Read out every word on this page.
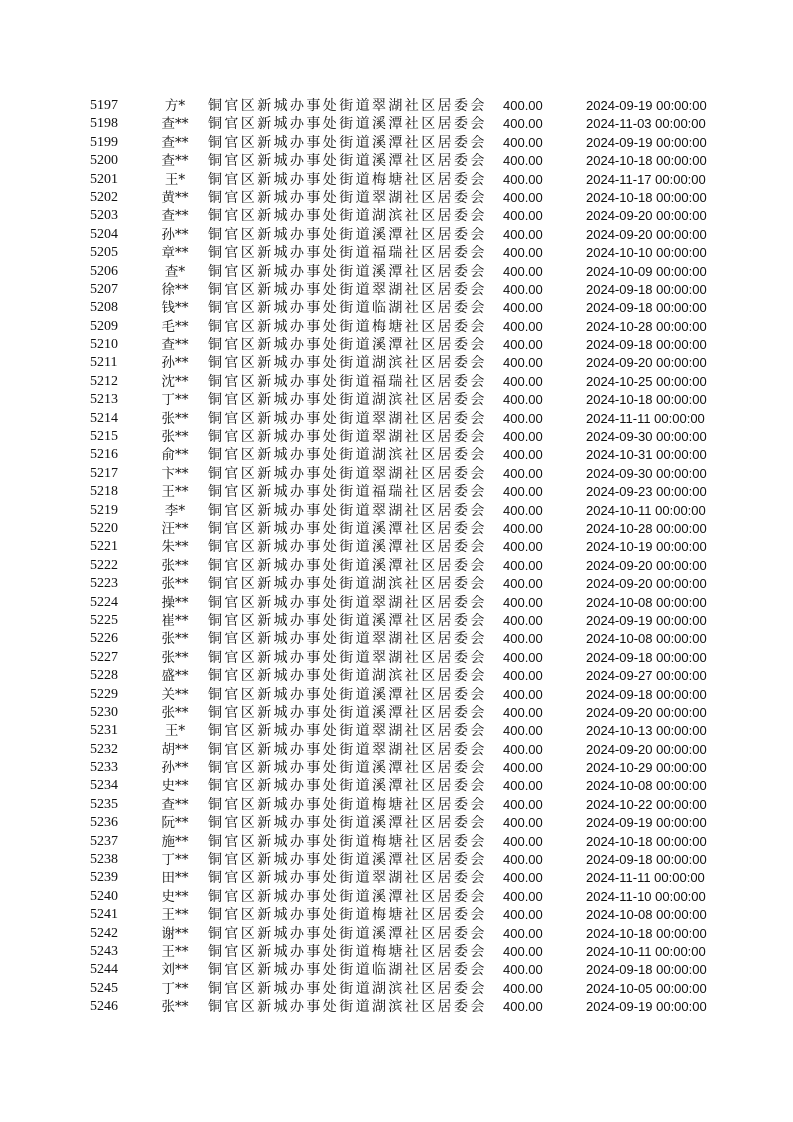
5197	方*	铜官区新城办事处街道翠湖社区居委会 400.00	2024-09-19 00:00:00
5198	查**	铜官区新城办事处街道溪潭社区居委会 400.00	2024-11-03 00:00:00
5199	查**	铜官区新城办事处街道溪潭社区居委会 400.00	2024-09-19 00:00:00
5200	查**	铜官区新城办事处街道溪潭社区居委会 400.00	2024-10-18 00:00:00
5201	王*	铜官区新城办事处街道梅塘社区居委会 400.00	2024-11-17 00:00:00
5202	黄**	铜官区新城办事处街道翠湖社区居委会 400.00	2024-10-18 00:00:00
5203	查**	铜官区新城办事处街道湖滨社区居委会 400.00	2024-09-20 00:00:00
5204	孙**	铜官区新城办事处街道溪潭社区居委会 400.00	2024-09-20 00:00:00
5205	章**	铜官区新城办事处街道福瑞社区居委会 400.00	2024-10-10 00:00:00
5206	查*	铜官区新城办事处街道溪潭社区居委会 400.00	2024-10-09 00:00:00
5207	徐**	铜官区新城办事处街道翠湖社区居委会 400.00	2024-09-18 00:00:00
5208	钱**	铜官区新城办事处街道临湖社区居委会 400.00	2024-09-18 00:00:00
5209	毛**	铜官区新城办事处街道梅塘社区居委会 400.00	2024-10-28 00:00:00
5210	查**	铜官区新城办事处街道溪潭社区居委会 400.00	2024-09-18 00:00:00
5211	孙**	铜官区新城办事处街道湖滨社区居委会 400.00	2024-09-20 00:00:00
5212	沈**	铜官区新城办事处街道福瑞社区居委会 400.00	2024-10-25 00:00:00
5213	丁**	铜官区新城办事处街道湖滨社区居委会 400.00	2024-10-18 00:00:00
5214	张**	铜官区新城办事处街道翠湖社区居委会 400.00	2024-11-11 00:00:00
5215	张**	铜官区新城办事处街道翠湖社区居委会 400.00	2024-09-30 00:00:00
5216	俞**	铜官区新城办事处街道湖滨社区居委会 400.00	2024-10-31 00:00:00
5217	卞**	铜官区新城办事处街道翠湖社区居委会 400.00	2024-09-30 00:00:00
5218	王**	铜官区新城办事处街道福瑞社区居委会 400.00	2024-09-23 00:00:00
5219	李*	铜官区新城办事处街道翠湖社区居委会 400.00	2024-10-11 00:00:00
5220	汪**	铜官区新城办事处街道溪潭社区居委会 400.00	2024-10-28 00:00:00
5221	朱**	铜官区新城办事处街道溪潭社区居委会 400.00	2024-10-19 00:00:00
5222	张**	铜官区新城办事处街道溪潭社区居委会 400.00	2024-09-20 00:00:00
5223	张**	铜官区新城办事处街道湖滨社区居委会 400.00	2024-09-20 00:00:00
5224	操**	铜官区新城办事处街道翠湖社区居委会 400.00	2024-10-08 00:00:00
5225	崔**	铜官区新城办事处街道溪潭社区居委会 400.00	2024-09-19 00:00:00
5226	张**	铜官区新城办事处街道翠湖社区居委会 400.00	2024-10-08 00:00:00
5227	张**	铜官区新城办事处街道翠湖社区居委会 400.00	2024-09-18 00:00:00
5228	盛**	铜官区新城办事处街道湖滨社区居委会 400.00	2024-09-27 00:00:00
5229	关**	铜官区新城办事处街道溪潭社区居委会 400.00	2024-09-18 00:00:00
5230	张**	铜官区新城办事处街道溪潭社区居委会 400.00	2024-09-20 00:00:00
5231	王*	铜官区新城办事处街道翠湖社区居委会 400.00	2024-10-13 00:00:00
5232	胡**	铜官区新城办事处街道翠湖社区居委会 400.00	2024-09-20 00:00:00
5233	孙**	铜官区新城办事处街道溪潭社区居委会 400.00	2024-10-29 00:00:00
5234	史**	铜官区新城办事处街道溪潭社区居委会 400.00	2024-10-08 00:00:00
5235	查**	铜官区新城办事处街道梅塘社区居委会 400.00	2024-10-22 00:00:00
5236	阮**	铜官区新城办事处街道溪潭社区居委会 400.00	2024-09-19 00:00:00
5237	施**	铜官区新城办事处街道梅塘社区居委会 400.00	2024-10-18 00:00:00
5238	丁**	铜官区新城办事处街道溪潭社区居委会 400.00	2024-09-18 00:00:00
5239	田**	铜官区新城办事处街道翠湖社区居委会 400.00	2024-11-11 00:00:00
5240	史**	铜官区新城办事处街道溪潭社区居委会 400.00	2024-11-10 00:00:00
5241	王**	铜官区新城办事处街道梅塘社区居委会 400.00	2024-10-08 00:00:00
5242	谢**	铜官区新城办事处街道溪潭社区居委会 400.00	2024-10-18 00:00:00
5243	王**	铜官区新城办事处街道梅塘社区居委会 400.00	2024-10-11 00:00:00
5244	刘**	铜官区新城办事处街道临湖社区居委会 400.00	2024-09-18 00:00:00
5245	丁**	铜官区新城办事处街道湖滨社区居委会 400.00	2024-10-05 00:00:00
5246	张**	铜官区新城办事处街道湖滨社区居委会 400.00	2024-09-19 00:00:00
